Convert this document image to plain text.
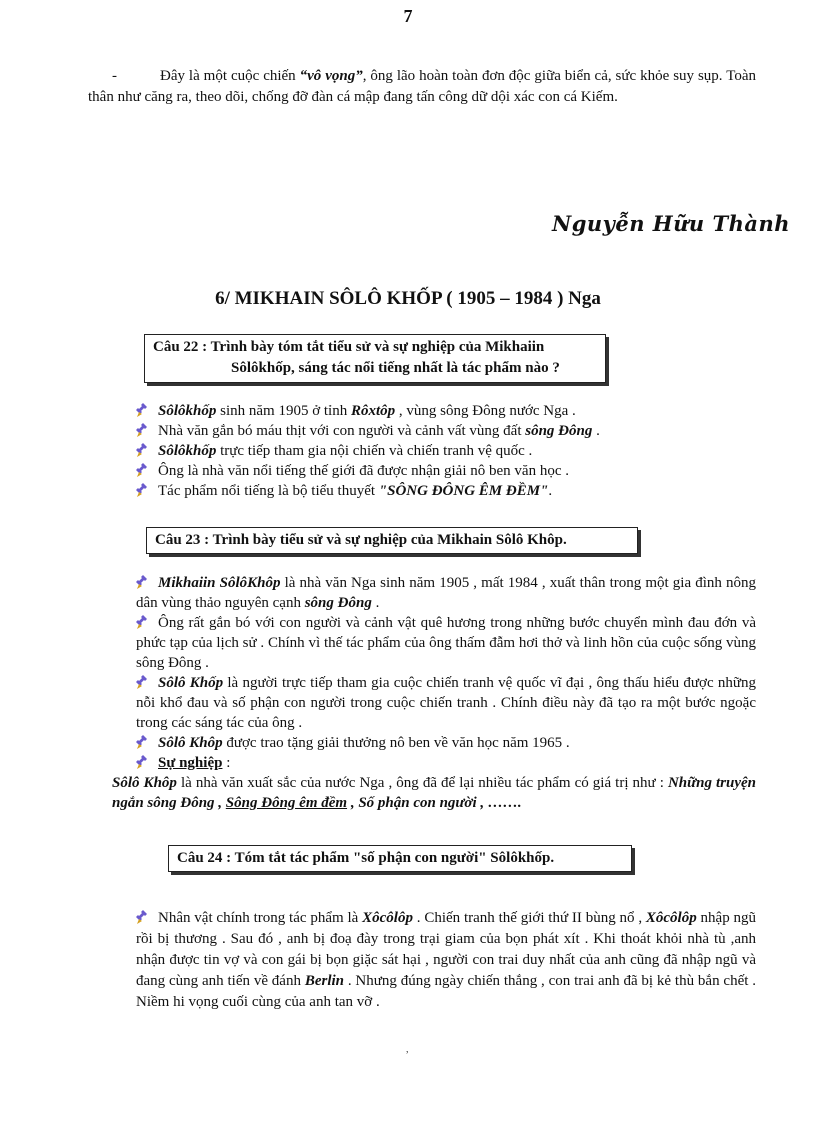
7
-	Đây là một cuộc chiến “vô vọng”, ông lão hoàn toàn đơn độc giữa biển cả, sức khỏe suy sụp. Toàn thân như căng ra, theo dõi, chống đỡ đàn cá mập đang tấn công dữ dội xác con cá Kiếm.
Nguyễn Hữu Thành
6/ MIKHAIN SÔLÔ KHỐP ( 1905 – 1984 ) Nga
Câu 22 : Trình bày tóm tắt tiểu sử và sự nghiệp của Mikhaiin
Sôlôkhốp, sáng tác nổi tiếng nhất là tác phẩm nào ?
Sôlôkhốp sinh năm 1905 ở tỉnh Rôxtôp , vùng sông Đông nước Nga .
Nhà văn gắn bó máu thịt với con người và cảnh vất vùng đất sông Đông .
Sôlôkhốp trực tiếp tham gia nội chiến và chiến tranh vệ quốc .
Ông là nhà văn nổi tiếng thế giới đã được nhận giải nô ben văn học .
Tác phẩm nổi tiếng là bộ tiểu thuyết "SÔNG ĐÔNG ÊM ĐỀM".
Câu 23 : Trình bày tiểu sử và sự nghiệp của Mikhain Sôlô Khôp.
Mikhaiin SôlôKhôp là nhà văn Nga sinh năm 1905 , mất 1984 , xuất thân trong một gia đình nông dân vùng thảo nguyên cạnh sông Đông .
Ông rất gắn bó với con người và cảnh vật quê hương trong những bước chuyển mình đau đớn và phức tạp của lịch sử . Chính vì thế tác phẩm của ông thấm đẫm hơi thở và linh hồn của cuộc sống vùng sông Đông .
Sôlô Khốp là người trực tiếp tham gia cuộc chiến tranh vệ quốc vĩ đại , ông thấu hiểu được những nỗi khổ đau và số phận con người trong cuộc chiến tranh . Chính điều này đã tạo ra một bước ngoặc trong các sáng tác của ông .
Sôlô Khôp được trao tặng giải thưởng nô ben về văn học năm 1965 .
Sự nghiệp :
Sôlô Khôp là nhà văn xuất sắc của nước Nga , ông đã để lại nhiều tác phẩm có giá trị như : Những truyện ngắn sông Đông , Sông Đông êm đềm , Số phận con người , …….
Câu 24 : Tóm tắt tác phẩm "số phận con người" Sôlôkhốp.
Nhân vật chính trong tác phẩm là Xôcôlôp . Chiến tranh thế giới thứ II bùng nổ , Xôcôlôp nhập ngũ rồi bị thương . Sau đó , anh bị đoạ đày trong trại giam của bọn phát xít . Khi thoát khỏi nhà tù ,anh nhận được tin vợ và con gái bị bọn giặc sát hại , người con trai duy nhất của anh cũng đã nhập ngũ và đang cùng anh tiến về đánh Berlin . Nhưng đúng ngày chiến thắng , con trai anh đã bị kẻ thù bắn chết . Niềm hi vọng cuối cùng của anh tan vỡ .
,
